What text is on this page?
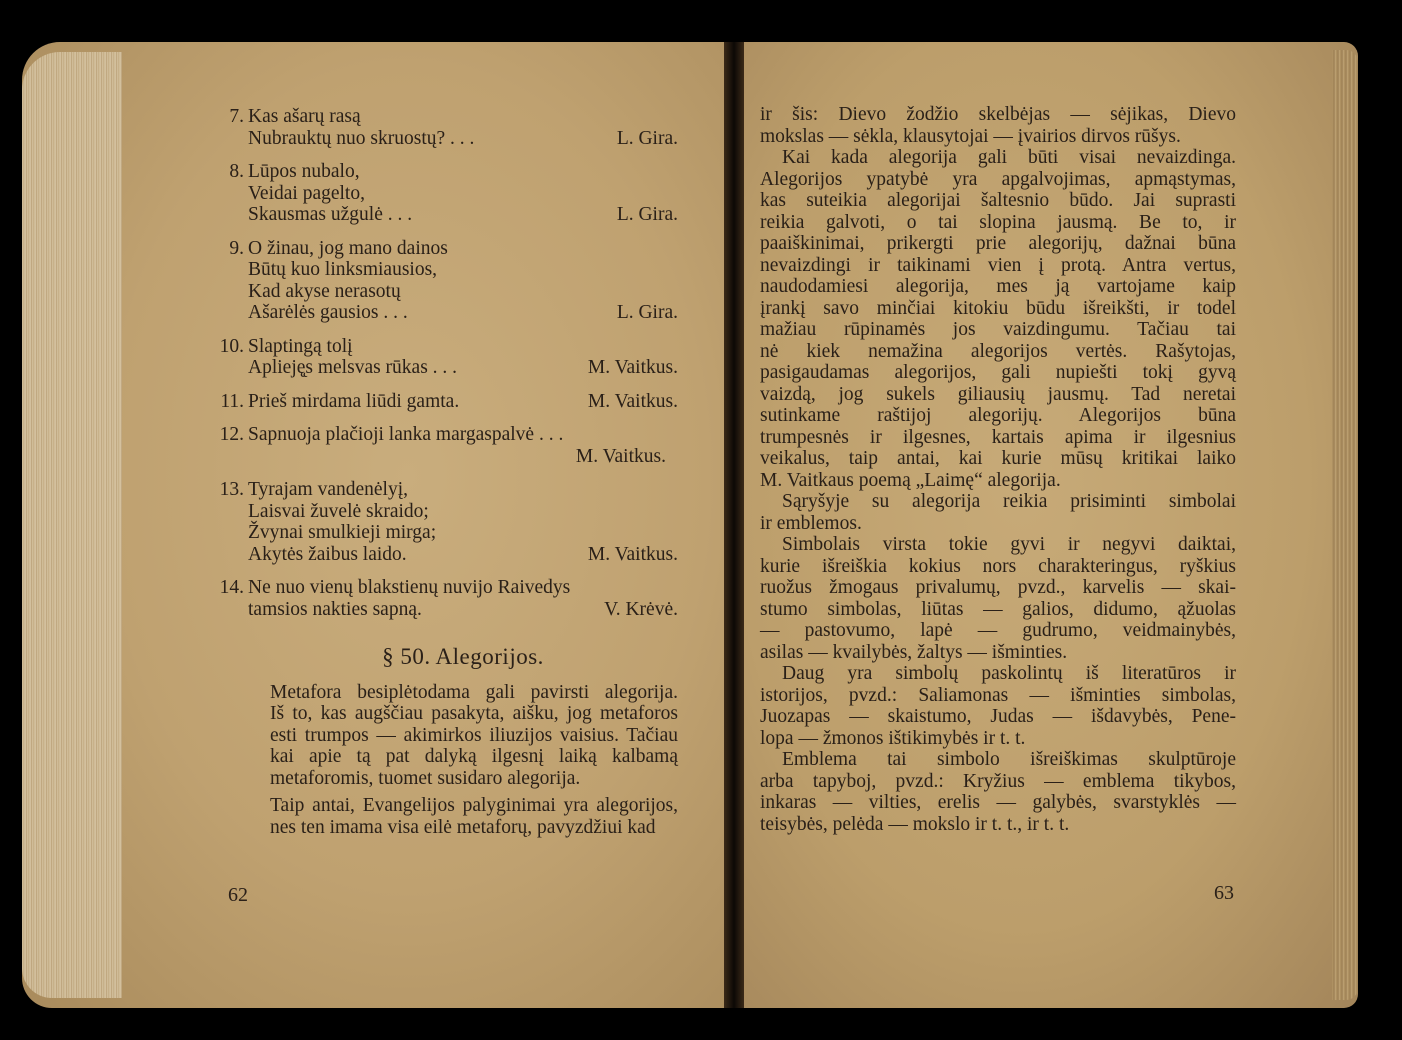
7. Kas ašarų rasą
Nubrauktų nuo skruostų? . . .	L. Gira.
8. Lūpos nubalo,
Veidai pagelto,
Skausmas užgulė . . .	L. Gira.
9. O žinau, jog mano dainos
Būtų kuo linksmiausios,
Kad akyse nerasotų
Ašarėlės gausios . . .	L. Gira.
10. Slaptingą tolį
Aplieję̨s melsvas rūkas . . .	M. Vaitkus.
11. Prieš mirdama liūdi gamta.	M. Vaitkus.
12. Sapnuoja plačioji lanka margaspalvė . . .
M. Vaitkus.
13. Tyrajam vandenėlyį,
Laisvai žuvelė skraido;
Žvynai smulkieji mirga;
Akytės žaibus laido.	M. Vaitkus.
14. Ne nuo vienų blakstienų nuvijo Raivedys
tamsios nakties sapną.	V. Krėvė.
§ 50. Alegorijos.
Metafora besiplėtodama gali pavirsti alegorija.
Iš to, kas augščiau pasakyta, aišku, jog metaforos
esti trumpos — akimirkos iliuzijos vaisius. Tačiau
kai apie tą pat dalyką ilgesnį laiką kalbamą
metaforomis, tuomet susidaro alegorija.
Taip antai, Evangelijos palyginimai yra alegorijos,
nes ten imama visa eilė metaforų, pavyzdžiui kad
62
ir šis: Dievo žodžio skelbėjas — sėjikas, Dievo
mokslas — sėkla, klausytojai — įvairios dirvos rūšys.
Kai kada alegorija gali būti visai nevaizdinga.
Alegorijos ypatybė yra apgalvojimas, apmąstymas,
kas suteikia alegorijai šaltesnio būdo. Jai suprasti
reikia galvoti, o tai slopina jausmą. Be to, ir
paaiškinimai, prikergti prie alegorijų, dažnai būna
nevaizdingi ir taikinami vien į protą. Antra vertus,
naudodamiesi alegorija, mes ją vartojame kaip
įrankį savo minčiai kitokiu būdu išreikšti, ir todel
mažiau rūpinamės jos vaizdingumu. Tačiau tai
nė kiek nemažina alegorijos vertės. Rašytojas,
pasigaudamas alegorijos, gali nupiešti tokį gyvą
vaizdą, jog sukels giliausių jausmų. Tad neretai
sutinkame raštijoj alegorijų. Alegorijos būna
trumpesnės ir ilgesnes, kartais apima ir ilgesnius
veikalus, taip antai, kai kurie mūsų kritikai laiko
M. Vaitkaus poemą „Laimę“ alegorija.
Sąryšyje su alegorija reikia prisiminti simbolai
ir emblemos.
Simbolais virsta tokie gyvi ir negyvi daiktai,
kurie išreiškia kokius nors charakteringus, ryškius
ruožus žmogaus privalumų, pvzd., karvelis — skai-
stumo simbolas, liūtas — galios, didumo, ąžuolas
— pastovumo, lapė — gudrumo, veidmainybės,
asilas — kvailybės, žaltys — išminties.
Daug yra simbolų paskolintų iš literatūros ir
istorijos, pvzd.: Saliamonas — išminties simbolas,
Juozapas — skaistumo, Judas — išdavybės, Pene-
lopa — žmonos ištikimybės ir t. t.
Emblema tai simbolo išreiškimas skulptūroje
arba tapyboj, pvzd.: Kryžius — emblema tikybos,
inkaras — vilties, erelis — galybės, svarstyklės —
teisybės, pelėda — mokslo ir t. t., ir t. t.
63
